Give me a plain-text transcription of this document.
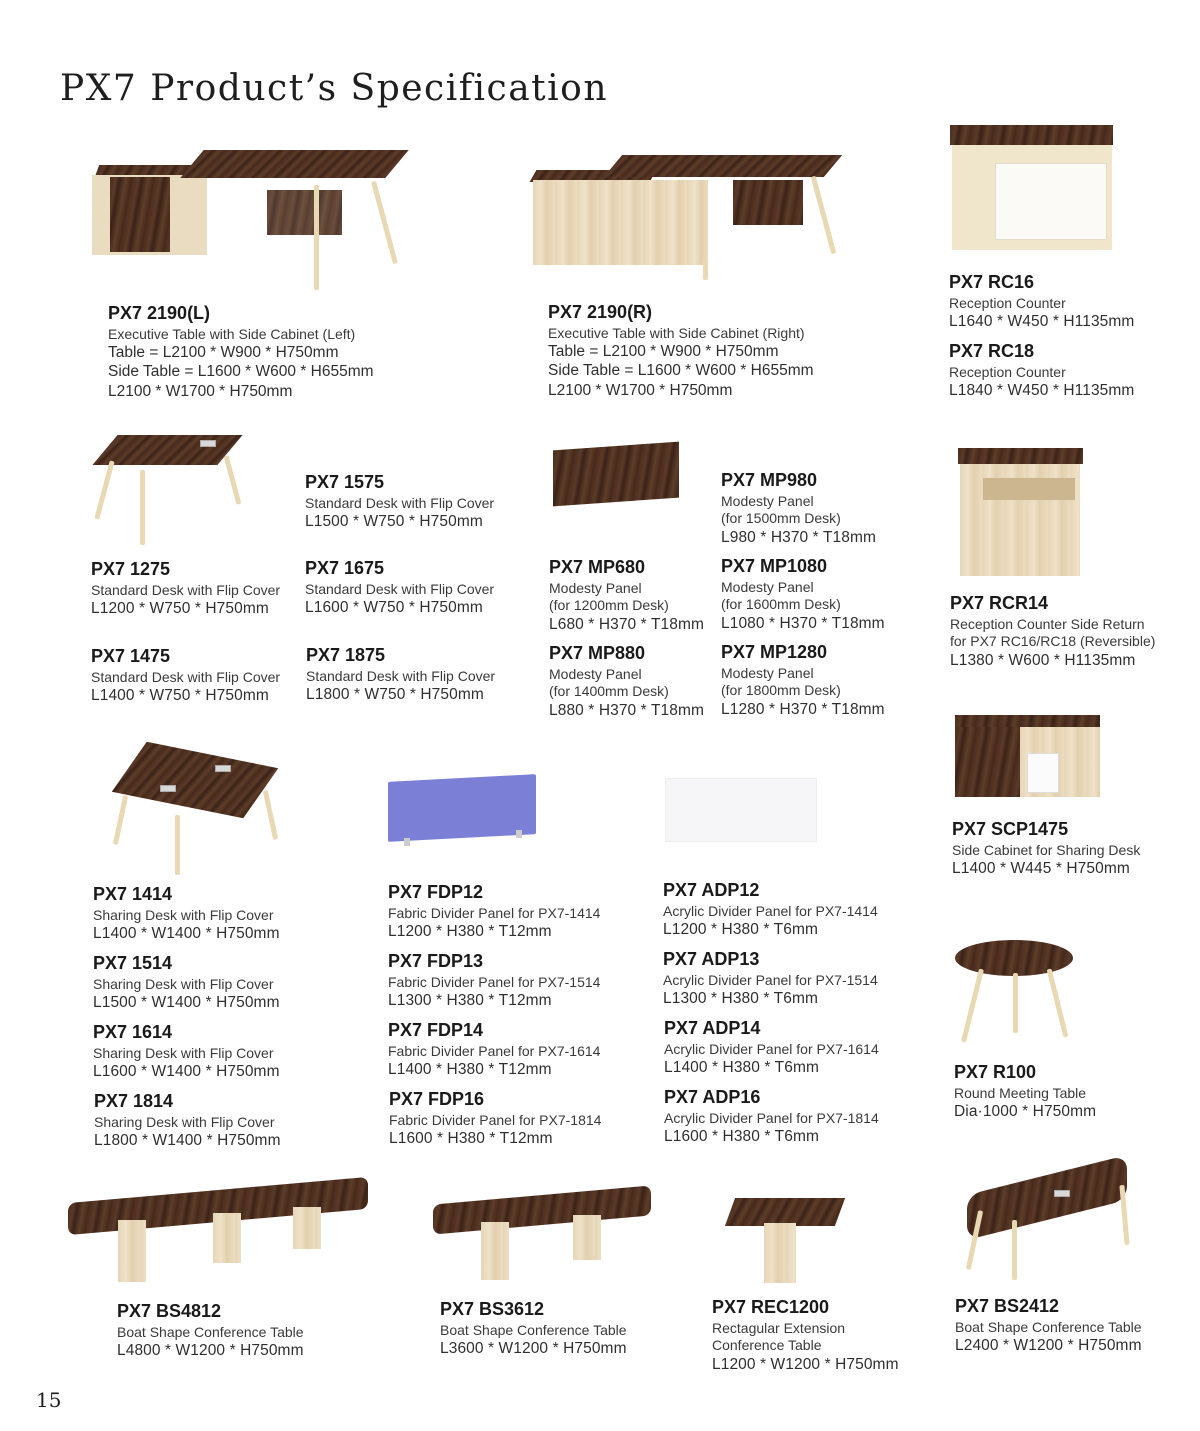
PX7 Product’s Specification
PX7 2190(L)
Executive Table with Side Cabinet (Left)
Table = L2100 * W900 * H750mm
Side Table = L1600 * W600 * H655mm
L2100 * W1700 * H750mm
PX7 2190(R)
Executive Table with Side Cabinet (Right)
Table = L2100 * W900 * H750mm
Side Table = L1600 * W600 * H655mm
L2100 * W1700 * H750mm
PX7 RC16
Reception Counter
L1640 * W450 * H1135mm
PX7 RC18
Reception Counter
L1840 * W450 * H1135mm
PX7 1575
Standard Desk with Flip Cover
L1500 * W750 * H750mm
PX7 1275
Standard Desk with Flip Cover
L1200 * W750 * H750mm
PX7 1675
Standard Desk with Flip Cover
L1600 * W750 * H750mm
PX7 1475
Standard Desk with Flip Cover
L1400 * W750 * H750mm
PX7 1875
Standard Desk with Flip Cover
L1800 * W750 * H750mm
PX7 MP980
Modesty Panel
(for 1500mm Desk)
L980 * H370 * T18mm
PX7 MP680
Modesty Panel
(for 1200mm Desk)
L680 * H370 * T18mm
PX7 MP1080
Modesty Panel
(for 1600mm Desk)
L1080 * H370 * T18mm
PX7 MP880
Modesty Panel
(for 1400mm Desk)
L880 * H370 * T18mm
PX7 MP1280
Modesty Panel
(for 1800mm Desk)
L1280 * H370 * T18mm
PX7 RCR14
Reception Counter Side Return
for PX7 RC16/RC18 (Reversible)
L1380 * W600 * H1135mm
PX7 SCP1475
Side Cabinet for Sharing Desk
L1400 * W445 * H750mm
PX7 1414
Sharing Desk with Flip Cover
L1400 * W1400 * H750mm
PX7 1514
Sharing Desk with Flip Cover
L1500 * W1400 * H750mm
PX7 1614
Sharing Desk with Flip Cover
L1600 * W1400 * H750mm
PX7 1814
Sharing Desk with Flip Cover
L1800 * W1400 * H750mm
PX7 FDP12
Fabric Divider Panel for PX7-1414
L1200 * H380 * T12mm
PX7 FDP13
Fabric Divider Panel for PX7-1514
L1300 * H380 * T12mm
PX7 FDP14
Fabric Divider Panel for PX7-1614
L1400 * H380 * T12mm
PX7 FDP16
Fabric Divider Panel for PX7-1814
L1600 * H380 * T12mm
PX7 ADP12
Acrylic Divider Panel for PX7-1414
L1200 * H380 * T6mm
PX7 ADP13
Acrylic Divider Panel for PX7-1514
L1300 * H380 * T6mm
PX7 ADP14
Acrylic Divider Panel for PX7-1614
L1400 * H380 * T6mm
PX7 ADP16
Acrylic Divider Panel for PX7-1814
L1600 * H380 * T6mm
PX7 R100
Round Meeting Table
Dia·1000 * H750mm
PX7 BS4812
Boat Shape Conference Table
L4800 * W1200 * H750mm
PX7 BS3612
Boat Shape Conference Table
L3600 * W1200 * H750mm
PX7 REC1200
Rectagular Extension
Conference Table
L1200 * W1200 * H750mm
PX7 BS2412
Boat Shape Conference Table
L2400 * W1200 * H750mm
15
